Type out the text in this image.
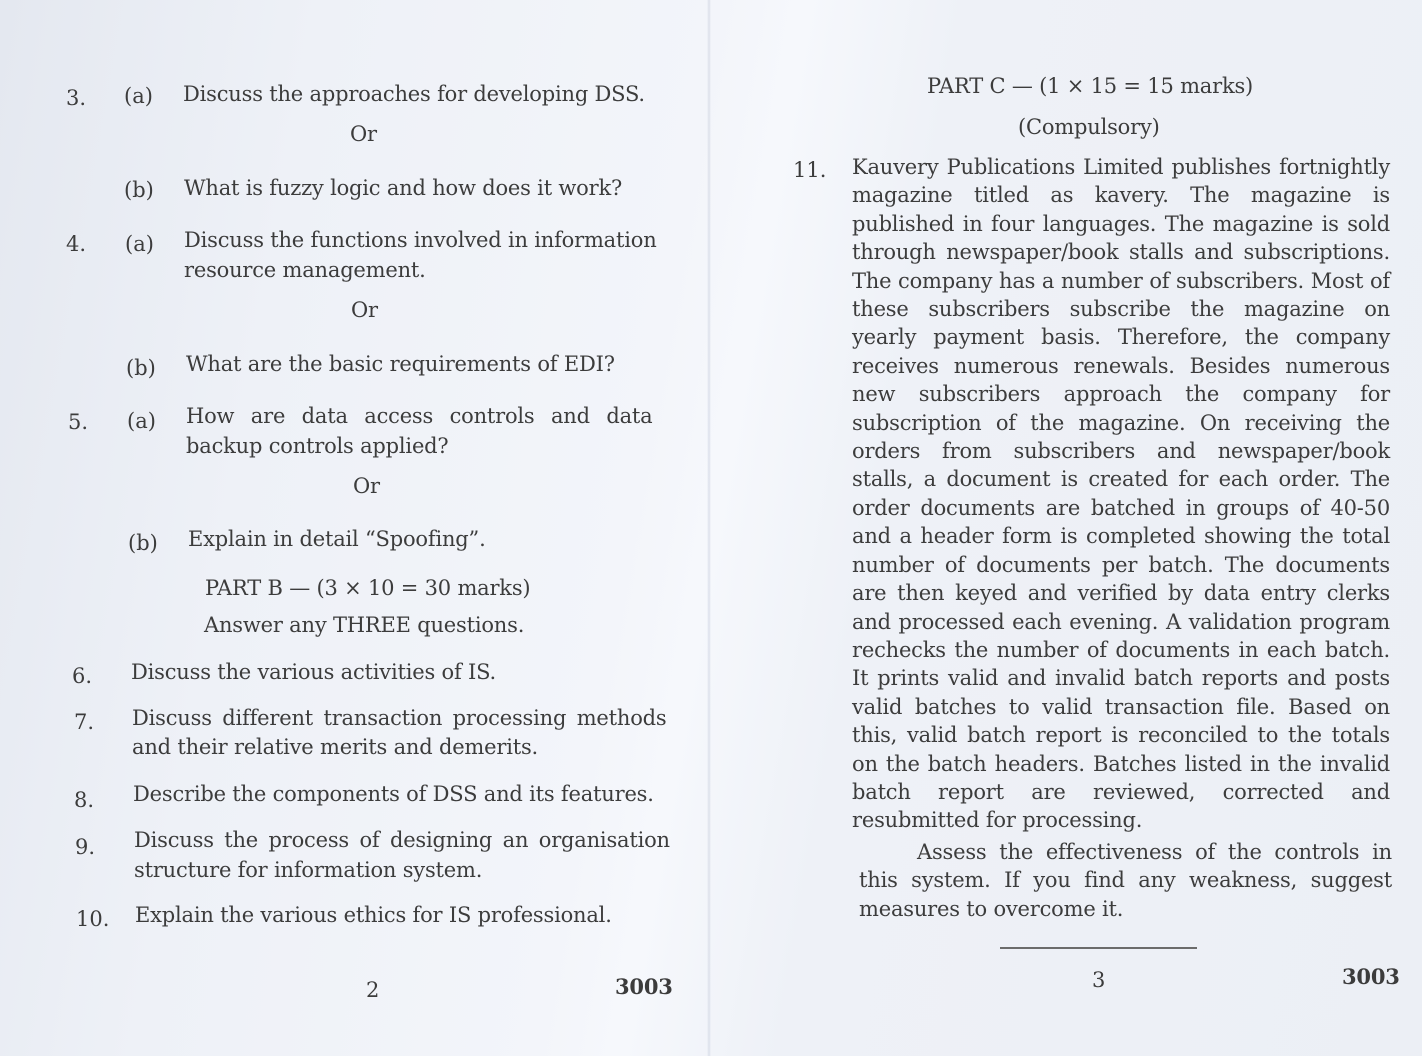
3. (a) Discuss the approaches for developing DSS.
Or
(b) What is fuzzy logic and how does it work?
4. (a) Discuss the functions involved in information
resource management.
Or
(b) What are the basic requirements of EDI?
5. (a) How are data access controls and data
backup controls applied?
Or
(b) Explain in detail “Spoofing”.
PART B — (3 × 10 = 30 marks)
Answer any THREE questions.
6. Discuss the various activities of IS.
7. Discuss different transaction processing methods
and their relative merits and demerits.
8. Describe the components of DSS and its features.
9. Discuss the process of designing an organisation
structure for information system.
10. Explain the various ethics for IS professional.
2	3003
PART C — (1 × 15 = 15 marks)
(Compulsory)
11. Kauvery Publications Limited publishes fortnightly magazine titled as kavery. The magazine is published in four languages. The magazine is sold through newspaper/book stalls and subscriptions. The company has a number of subscribers. Most of these subscribers subscribe the magazine on yearly payment basis. Therefore, the company receives numerous renewals. Besides numerous new subscribers approach the company for subscription of the magazine. On receiving the orders from subscribers and newspaper/book stalls, a document is created for each order. The order documents are batched in groups of 40-50 and a header form is completed showing the total number of documents per batch. The documents are then keyed and verified by data entry clerks and processed each evening. A validation program rechecks the number of documents in each batch. It prints valid and invalid batch reports and posts valid batches to valid transaction file. Based on this, valid batch report is reconciled to the totals on the batch headers. Batches listed in the invalid batch report are reviewed, corrected and resubmitted for processing.
Assess the effectiveness of the controls in this system. If you find any weakness, suggest measures to overcome it.
3	3003
